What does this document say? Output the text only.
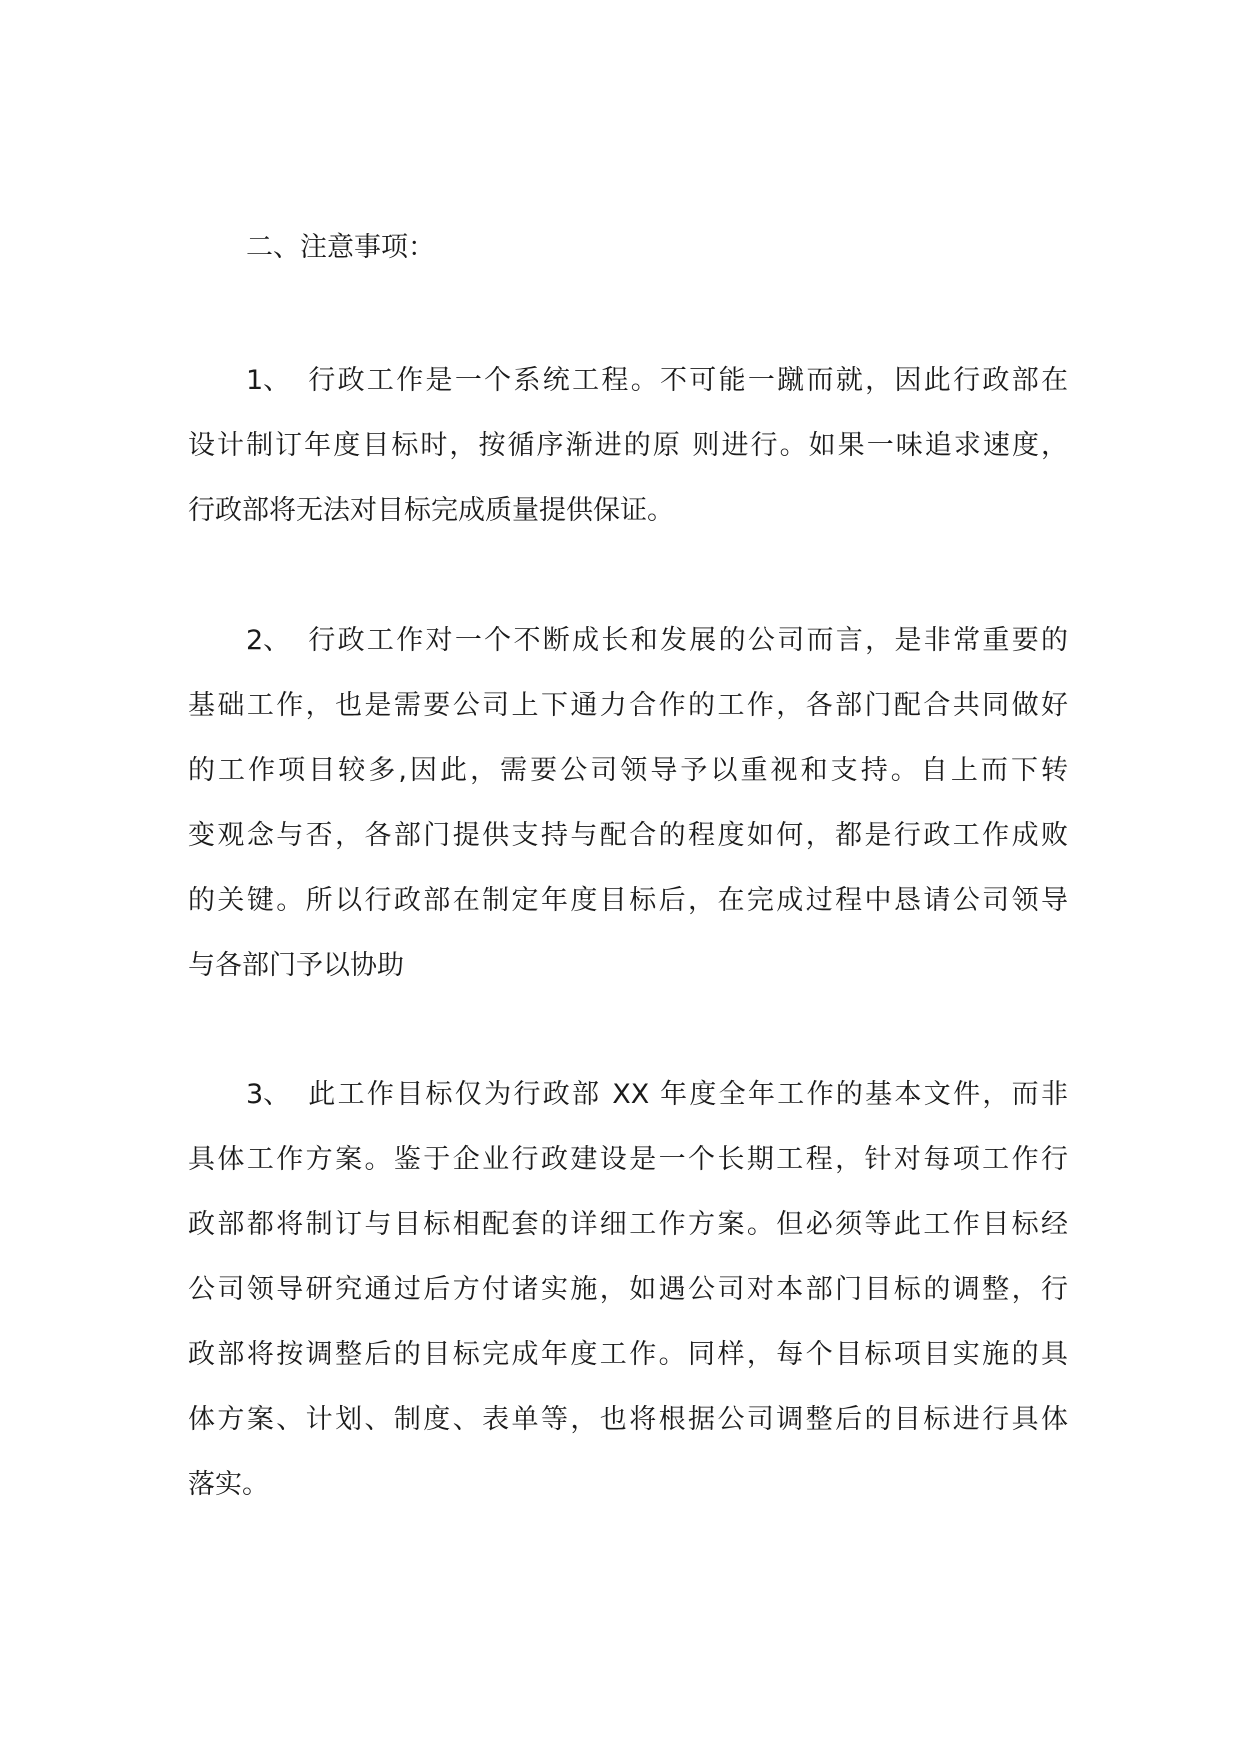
二、注意事项：
1、 行政工作是一个系统工程。不可能一蹴而就，因此行政部在
设计制订年度目标时，按循序渐进的原 则进行。如果一味追求速度，
行政部将无法对目标完成质量提供保证。
2、 行政工作对一个不断成长和发展的公司而言，是非常重要的
基础工作，也是需要公司上下通力合作的工作，各部门配合共同做好
的工作项目较多,因此，需要公司领导予以重视和支持。自上而下转
变观念与否，各部门提供支持与配合的程度如何，都是行政工作成败
的关键。所以行政部在制定年度目标后，在完成过程中恳请公司领导
与各部门予以协助
3、 此工作目标仅为行政部 XX 年度全年工作的基本文件，而非
具体工作方案。鉴于企业行政建设是一个长期工程，针对每项工作行
政部都将制订与目标相配套的详细工作方案。但必须等此工作目标经
公司领导研究通过后方付诸实施，如遇公司对本部门目标的调整，行
政部将按调整后的目标完成年度工作。同样，每个目标项目实施的具
体方案、计划、制度、表单等，也将根据公司调整后的目标进行具体
落实。
